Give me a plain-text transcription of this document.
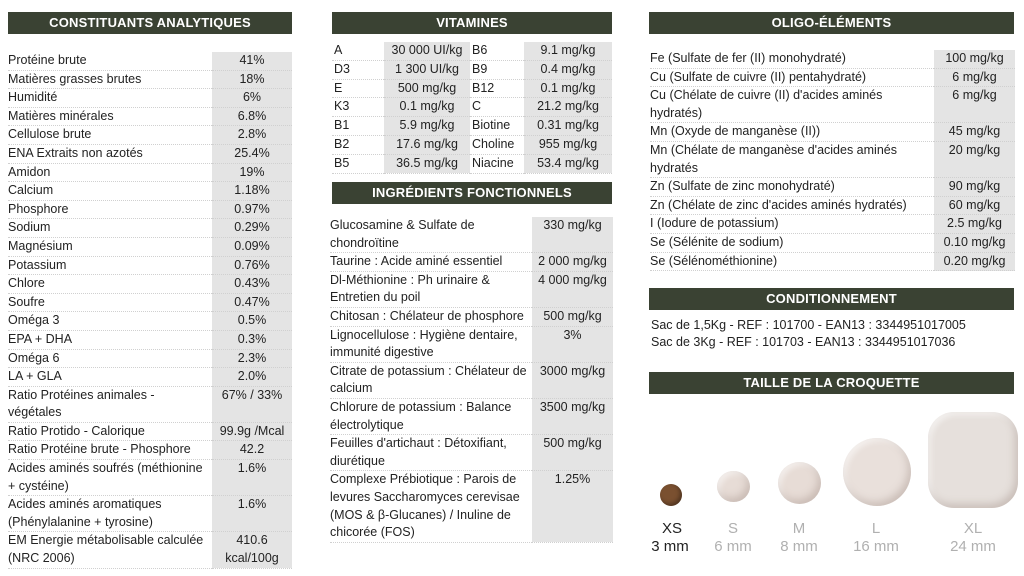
CONSTITUANTS ANALYTIQUES
Protéine brute	41%
Matières grasses brutes	18%
Humidité	6%
Matières minérales	6.8%
Cellulose brute	2.8%
ENA Extraits non azotés	25.4%
Amidon	19%
Calcium	1.18%
Phosphore	0.97%
Sodium	0.29%
Magnésium	0.09%
Potassium	0.76%
Chlore	0.43%
Soufre	0.47%
Oméga 3	0.5%
EPA + DHA	0.3%
Oméga 6	2.3%
LA + GLA	2.0%
Ratio Protéines animales - végétales	67% / 33%
Ratio Protido - Calorique	99.9g /Mcal
Ratio Protéine brute - Phosphore	42.2
Acides aminés soufrés (méthionine + cystéine)	1.6%
Acides aminés aromatiques (Phénylalanine + tyrosine)	1.6%
EM Energie métabolisable calculée (NRC 2006)	410.6 kcal/100g
VITAMINES
A	30 000 UI/kg	B6	9.1 mg/kg
D3	1 300 UI/kg	B9	0.4 mg/kg
E	500 mg/kg	B12	0.1 mg/kg
K3	0.1 mg/kg	C	21.2 mg/kg
B1	5.9 mg/kg	Biotine	0.31 mg/kg
B2	17.6 mg/kg	Choline	955 mg/kg
B5	36.5 mg/kg	Niacine	53.4 mg/kg
INGRÉDIENTS FONCTIONNELS
Glucosamine & Sulfate de chondroïtine	330 mg/kg
Taurine : Acide aminé essentiel	2 000 mg/kg
Dl-Méthionine : Ph urinaire & Entretien du poil	4 000 mg/kg
Chitosan : Chélateur de phosphore	500 mg/kg
Lignocellulose : Hygiène dentaire, immunité digestive	3%
Citrate de potassium : Chélateur de calcium	3000 mg/kg
Chlorure de potassium : Balance électrolytique	3500 mg/kg
Feuilles d'artichaut : Détoxifiant, diurétique	500 mg/kg
Complexe Prébiotique : Parois de levures Saccharomyces cerevisae (MOS & β-Glucanes) / Inuline de chicorée (FOS)	1.25%
OLIGO-ÉLÉMENTS
Fe (Sulfate de fer (II) monohydraté)	100 mg/kg
Cu (Sulfate de cuivre (II) pentahydraté)	6 mg/kg
Cu (Chélate de cuivre (II) d'acides aminés hydratés)	6 mg/kg
Mn (Oxyde de manganèse (II))	45 mg/kg
Mn (Chélate de manganèse d'acides aminés hydratés	20 mg/kg
Zn (Sulfate de zinc monohydraté)	90 mg/kg
Zn (Chélate de zinc d'acides aminés hydratés)	60 mg/kg
I (Iodure de potassium)	2.5 mg/kg
Se (Sélénite de sodium)	0.10 mg/kg
Se (Sélénométhionine)	0.20 mg/kg
CONDITIONNEMENT
Sac de 1,5Kg - REF : 101700 - EAN13 : 3344951017005
Sac de 3Kg - REF : 101703 - EAN13 : 3344951017036
TAILLE DE LA CROQUETTE
XS
3 mm
S
6 mm
M
8 mm
L
16 mm
XL
24 mm
